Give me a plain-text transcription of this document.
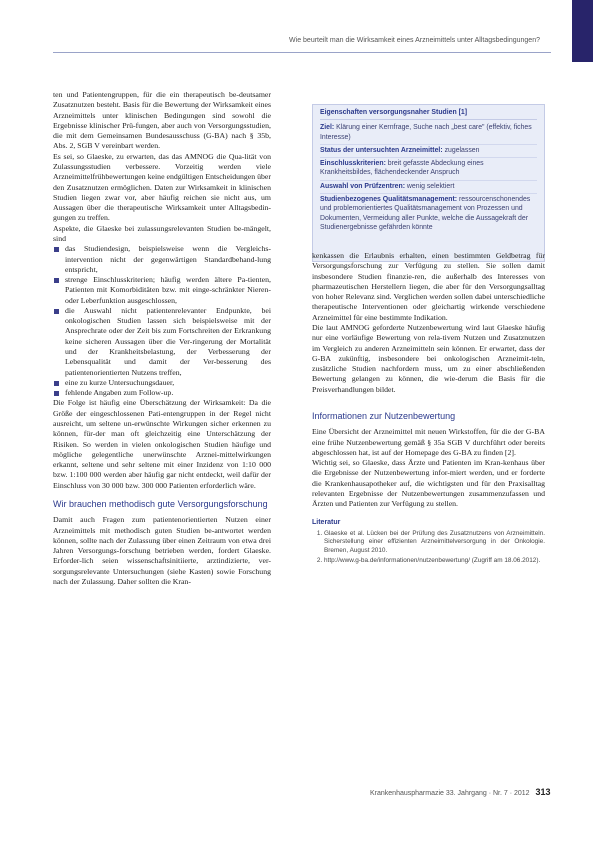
Wie beurteilt man die Wirksamkeit eines Arzneimittels unter Alltagsbedingungen?

ten und Patientengruppen, für die ein therapeutisch be-deutsamer Zusatznutzen besteht. Basis für die Bewertung der Wirksamkeit eines Arzneimittels unter klinischen Bedingungen sind sowohl die Ergebnisse klinischer Prü-fungen, aber auch von Versorgungsstudien, die mit dem Gemeinsamen Bundesausschuss (G-BA) nach § 35b, Abs. 2, SGB V vereinbart werden.

Es sei, so Glaeske, zu erwarten, das das AMNOG die Qua-lität von Zulassungsstudien verbessere. Vorzeitig werden viele Arzneimittelfrühbewertungen keine endgültigen Entscheidungen über den Zusatznutzen ermöglichen. Daten zur Wirksamkeit in klinischen Studien liegen zwar vor, aber häufig reichen sie nicht aus, um Aussagen über die therapeutische Wirksamkeit unter Alltagsbedin-gungen zu treffen.

Aspekte, die Glaeske bei zulassungsrelevanten Studien be-mängelt, sind

das Studiendesign, beispielsweise wenn die Vergleichs-intervention nicht der gegenwärtigen Standardbehand-lung entspricht,
strenge Einschlusskriterien; häufig werden ältere Pa-tienten, Patienten mit Komorbiditäten bzw. mit einge-schränkter Nieren- oder Leberfunktion ausgeschlossen,
die Auswahl nicht patientenrelevanter Endpunkte, bei onkologischen Studien lassen sich beispielsweise mit der Ansprechrate oder der Zeit bis zum Fortschreiten der Erkrankung keine sicheren Aussagen über die Ver-ringerung der Mortalität und der Krankheitsbelastung, der Verbesserung der Lebensqualität und damit der Ver-besserung des patientenorientierten Nutzens treffen,
eine zu kurze Untersuchungsdauer,
fehlende Angaben zum Follow-up.

Die Folge ist häufig eine Überschätzung der Wirksamkeit: Da die Größe der eingeschlossenen Pati-entengruppen in der Regel nicht ausreicht, um seltene un-erwünschte Wirkungen sicher erkennen zu können, für-der man oft gleichzeitig eine Unterschätzung der Risiken. So werden in vielen onkologischen Studien häufige und mögliche gelegentliche unerwünschte Arznei-mittelwirkungen erkannt, seltene und sehr seltene mit einer Inzidenz von 1:10 000 bzw. 1:100 000 werden aber häufig gar nicht entdeckt, weil dafür der Einschluss von 30 000 bzw. 300 000 Patienten erforderlich wäre.

Wir brauchen methodisch gute Versorgungsforschung

Damit auch Fragen zum patientenorientierten Nutzen einer Arzneimittels mit methodisch guten Studien be-antwortet werden können, sollte nach der Zulassung über einen Zeitraum von etwa drei Jahren Versorgungs-forschung betrieben werden, fordert Glaeske. Erforder-lich seien wissenschaftsinitiierte, arztindizierte, ver-sorgungsrelevante Untersuchungen (siehe Kasten) sowie Forschung nach der Zulassung. Daher sollten die Kran-

Eigenschaften versorgungsnaher Studien [1]
Ziel: Klärung einer Kernfrage, Suche nach „best care" (effektiv, fiches Interesse)
Status der untersuchten Arzneimittel: zugelassen
Einschlusskriterien: breit gefasste Abdeckung eines Krankheitsbildes, flächendeckender Anspruch
Auswahl von Prüfzentren: wenig selektiert
Studienbezogenes Qualitätsmanagement: ressourcenschonendes und problemorientiertes Qualitätsmanagement von Prozessen und Dokumenten, Vermeidung aller Punkte, welche die Aussagekraft der Studienergebnisse gefährden könnte

kenkassen die Erlaubnis erhalten, einen bestimmten Geldbetrag für Versorgungsforschung zur Verfügung zu stellen. Sie sollen damit insbesondere Studien finanzie-ren, die außerhalb des Interesses von pharmazeutischen Herstellern liegen, die aber für den Versorgungsalltag von hoher Relevanz sind. Verglichen werden sollen dabei unterschiedliche therapeutische Interventionen oder gleichartig wirkende verschiedene Arzneimittel für eine bestimmte Indikation.

Die laut AMNOG geforderte Nutzenbewertung wird laut Glaeske häufig nur eine vorläufige Bewertung von rela-tivem Nutzen und Zusatznutzen im Vergleich zu anderen Arzneimitteln sein können. Er erwartet, dass der G-BA zukünftig, insbesondere bei onkologischen Arzneimit-teln, zusätzliche Studien nachfordern muss, um zu einer abschließenden Bewertung gelangen zu können, die wie-derum die Basis für die Preisverhandlungen bildet.

Informationen zur Nutzenbewertung

Eine Übersicht der Arzneimittel mit neuen Wirkstoffen, für die der G-BA eine frühe Nutzenbewertung gemäß § 35a SGB V durchführt oder bereits abgeschlossen hat, ist auf der Homepage des G-BA zu finden [2].

Wichtig sei, so Glaeske, dass Ärzte und Patienten im Kran-kenhaus über die Ergebnisse der Nutzenbewertung infor-miert werden, und er forderte die Krankenhausapotheker auf, die wichtigsten und für den Praxisalltag relevanten Ergebnisse der Nutzenbewertungen zusammenzufassen und Ärzten und Patienten zur Verfügung zu stellen.

Literatur
1. Glaeske et al. Lücken bei der Prüfung des Zusatznutzens von Arzneimitteln. Sicherstellung einer effizienten Arzneimittelversorgung in der Onkologie. Bremen, August 2010.
2. http://www.g-ba.de/informationen/nutzenbewertung/ (Zugriff am 18.06.2012).
Krankenhauspharmazie 33. Jahrgang · Nr. 7 · 2012 313
